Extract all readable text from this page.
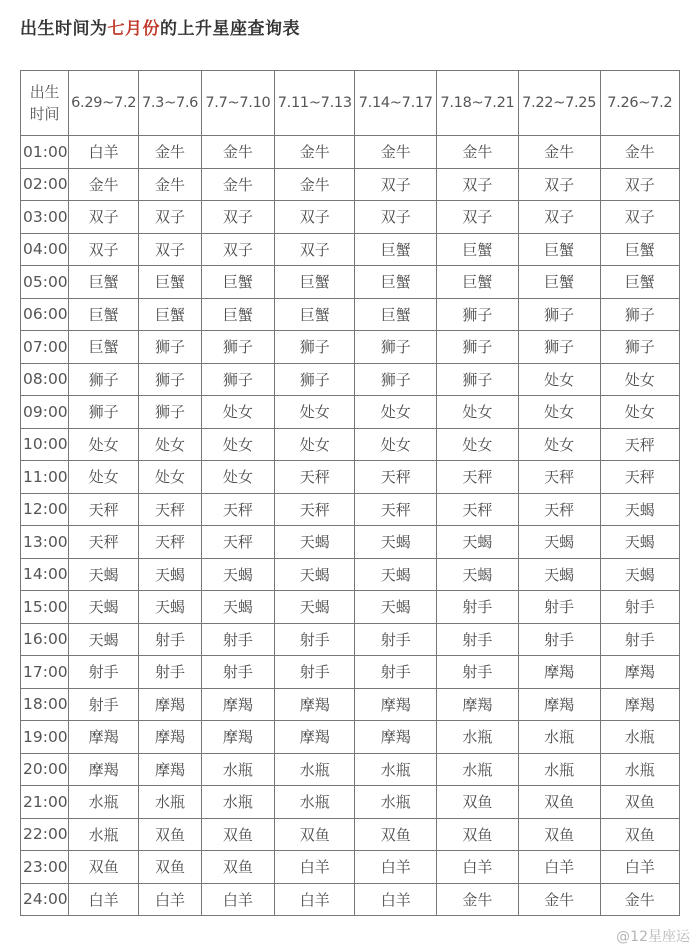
出生时间为七月份的上升星座查询表
出生
时间	6.29~7.2	7.3~7.6	7.7~7.10	7.11~7.13	7.14~7.17	7.18~7.21	7.22~7.25	7.26~7.2
01:00	白羊	金牛	金牛	金牛	金牛	金牛	金牛	金牛
02:00	金牛	金牛	金牛	金牛	双子	双子	双子	双子
03:00	双子	双子	双子	双子	双子	双子	双子	双子
04:00	双子	双子	双子	双子	巨蟹	巨蟹	巨蟹	巨蟹
05:00	巨蟹	巨蟹	巨蟹	巨蟹	巨蟹	巨蟹	巨蟹	巨蟹
06:00	巨蟹	巨蟹	巨蟹	巨蟹	巨蟹	狮子	狮子	狮子
07:00	巨蟹	狮子	狮子	狮子	狮子	狮子	狮子	狮子
08:00	狮子	狮子	狮子	狮子	狮子	狮子	处女	处女
09:00	狮子	狮子	处女	处女	处女	处女	处女	处女
10:00	处女	处女	处女	处女	处女	处女	处女	天秤
11:00	处女	处女	处女	天秤	天秤	天秤	天秤	天秤
12:00	天秤	天秤	天秤	天秤	天秤	天秤	天秤	天蝎
13:00	天秤	天秤	天秤	天蝎	天蝎	天蝎	天蝎	天蝎
14:00	天蝎	天蝎	天蝎	天蝎	天蝎	天蝎	天蝎	天蝎
15:00	天蝎	天蝎	天蝎	天蝎	天蝎	射手	射手	射手
16:00	天蝎	射手	射手	射手	射手	射手	射手	射手
17:00	射手	射手	射手	射手	射手	射手	摩羯	摩羯
18:00	射手	摩羯	摩羯	摩羯	摩羯	摩羯	摩羯	摩羯
19:00	摩羯	摩羯	摩羯	摩羯	摩羯	水瓶	水瓶	水瓶
20:00	摩羯	摩羯	水瓶	水瓶	水瓶	水瓶	水瓶	水瓶
21:00	水瓶	水瓶	水瓶	水瓶	水瓶	双鱼	双鱼	双鱼
22:00	水瓶	双鱼	双鱼	双鱼	双鱼	双鱼	双鱼	双鱼
23:00	双鱼	双鱼	双鱼	白羊	白羊	白羊	白羊	白羊
24:00	白羊	白羊	白羊	白羊	白羊	金牛	金牛	金牛
@12星座运
